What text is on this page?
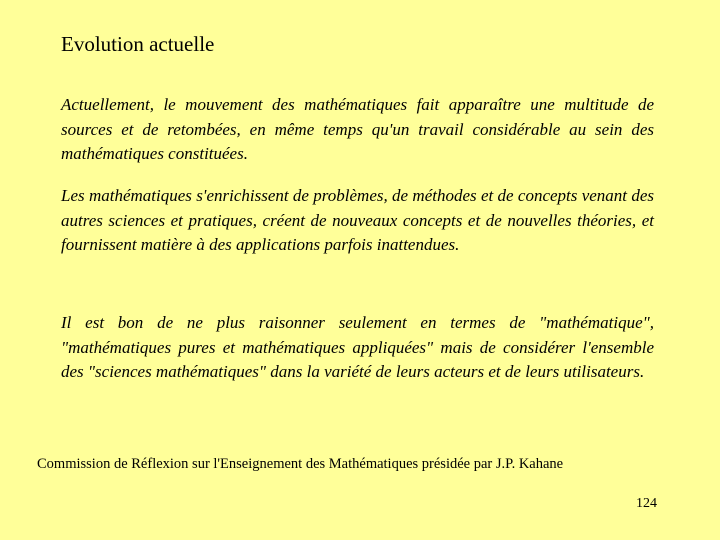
Evolution actuelle

Actuellement, le mouvement des mathématiques fait apparaître une multitude de sources et de retombées, en même temps qu'un travail considérable au sein des mathématiques constituées.

Les mathématiques s'enrichissent de problèmes, de méthodes et de concepts venant des autres sciences et pratiques, créent de nouveaux concepts et de nouvelles théories, et fournissent matière à des applications parfois inattendues.

Il est bon de ne plus raisonner seulement en termes de "mathématique", "mathématiques pures et mathématiques appliquées" mais de considérer l'ensemble des "sciences mathématiques" dans la variété de leurs acteurs et de leurs utilisateurs.

Commission de Réflexion sur l'Enseignement des Mathématiques présidée par J.P. Kahane
124
